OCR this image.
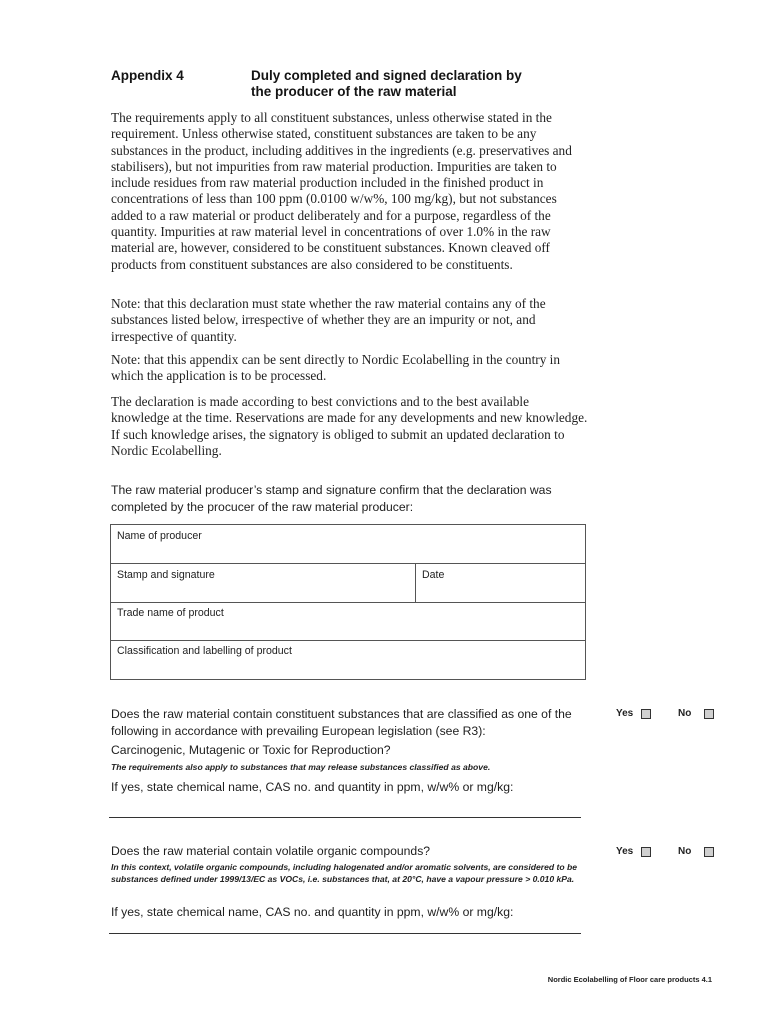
Appendix 4	Duly completed and signed declaration by
the producer of the raw material
The requirements apply to all constituent substances, unless otherwise stated in the requirement. Unless otherwise stated, constituent substances are taken to be any substances in the product, including additives in the ingredients (e.g. preservatives and stabilisers), but not impurities from raw material production. Impurities are taken to include residues from raw material production included in the finished product in concentrations of less than 100 ppm (0.0100 w/w%, 100 mg/kg), but not substances added to a raw material or product deliberately and for a purpose, regardless of the quantity. Impurities at raw material level in concentrations of over 1.0% in the raw material are, however, considered to be constituent substances. Known cleaved off products from constituent substances are also considered to be constituents.
Note: that this declaration must state whether the raw material contains any of the substances listed below, irrespective of whether they are an impurity or not, and irrespective of quantity.
Note: that this appendix can be sent directly to Nordic Ecolabelling in the country in which the application is to be processed.
The declaration is made according to best convictions and to the best available knowledge at the time. Reservations are made for any developments and new knowledge. If such knowledge arises, the signatory is obliged to submit an updated declaration to Nordic Ecolabelling.
The raw material producer’s stamp and signature confirm that the declaration was completed by the procucer of the raw material producer:
Name of producer
Stamp and signature	Date
Trade name of product
Classification and labelling of product
Does the raw material contain constituent substances that are classified as one of the following in accordance with prevailing European legislation (see R3):
Carcinogenic, Mutagenic or Toxic for Reproduction?
The requirements also apply to substances that may release substances classified as above.
Yes	No
If yes, state chemical name, CAS no. and quantity in ppm, w/w% or mg/kg:
Does the raw material contain volatile organic compounds?
In this context, volatile organic compounds, including halogenated and/or aromatic solvents, are considered to be substances defined under 1999/13/EC as VOCs, i.e. substances that, at 20°C, have a vapour pressure > 0.010 kPa.
Yes	No
If yes, state chemical name, CAS no. and quantity in ppm, w/w% or mg/kg:
Nordic Ecolabelling of Floor care products 4.1
